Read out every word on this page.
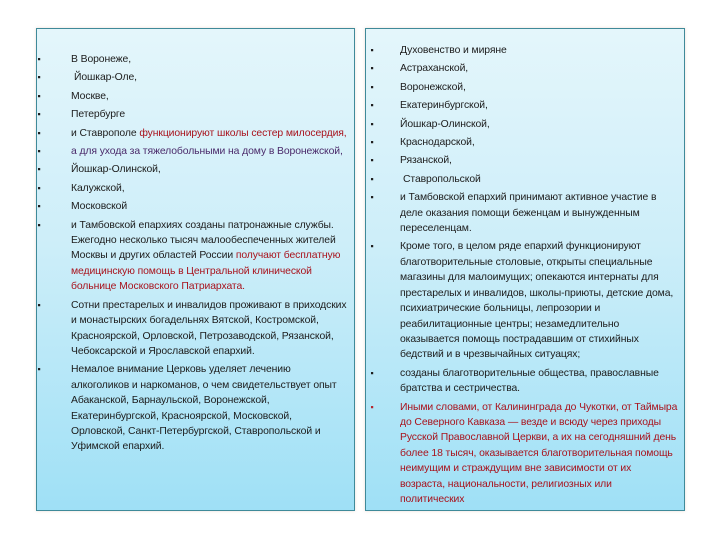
▪	В Воронеже,
▪	Йошкар-Оле,
▪	Москве,
▪	Петербурге
▪	и Ставрополе функционируют школы сестер милосердия,
▪	а для ухода за тяжелобольными на дому в Воронежской,
▪	Йошкар-Олинской,
▪	Калужской,
▪	Московской
▪	и Тамбовской епархиях созданы патронажные службы. Ежегодно несколько тысяч малообеспеченных жителей Москвы и других областей России получают бесплатную медицинскую помощь в Центральной клинической больнице Московского Патриархата.
▪	Сотни престарелых и инвалидов проживают в приходских и монастырских богадельнях Вятской, Костромской, Красноярской, Орловской, Петрозаводской, Рязанской, Чебоксарской и Ярославской епархий.
▪	Немалое внимание Церковь уделяет лечению алкоголиков и наркоманов, о чем свидетельствует опыт Абаканской, Барнаульской, Воронежской, Екатеринбургской, Красноярской, Московской, Орловской, Санкт-Петербургской, Ставропольской и Уфимской епархий.
▪	Духовенство и миряне
▪	Астраханской,
▪	Воронежской,
▪	Екатеринбургской,
▪	Йошкар-Олинской,
▪	Краснодарской,
▪	Рязанской,
▪	Ставропольской
▪	и Тамбовской епархий принимают активное участие в деле оказания помощи беженцам и вынужденным переселенцам.
▪	Кроме того, в целом ряде епархий функционируют благотворительные столовые, открыты специальные магазины для малоимущих; опекаются интернаты для престарелых и инвалидов, школы-приюты, детские дома, психиатрические больницы, лепрозории и реабилитационные центры; незамедлительно оказывается помощь пострадавшим от стихийных бедствий и в чрезвычайных ситуацях;
▪	созданы благотворительные общества, православные братства и сестричества.
▪	Иными словами, от Калининграда до Чукотки, от Таймыра до Северного Кавказа — везде и всюду через приходы Русской Православной Церкви, а их на сегодняшний день более 18 тысяч, оказывается благотворительная помощь неимущим и страждущим вне зависимости от их возраста, национальности, религиозных или политических
